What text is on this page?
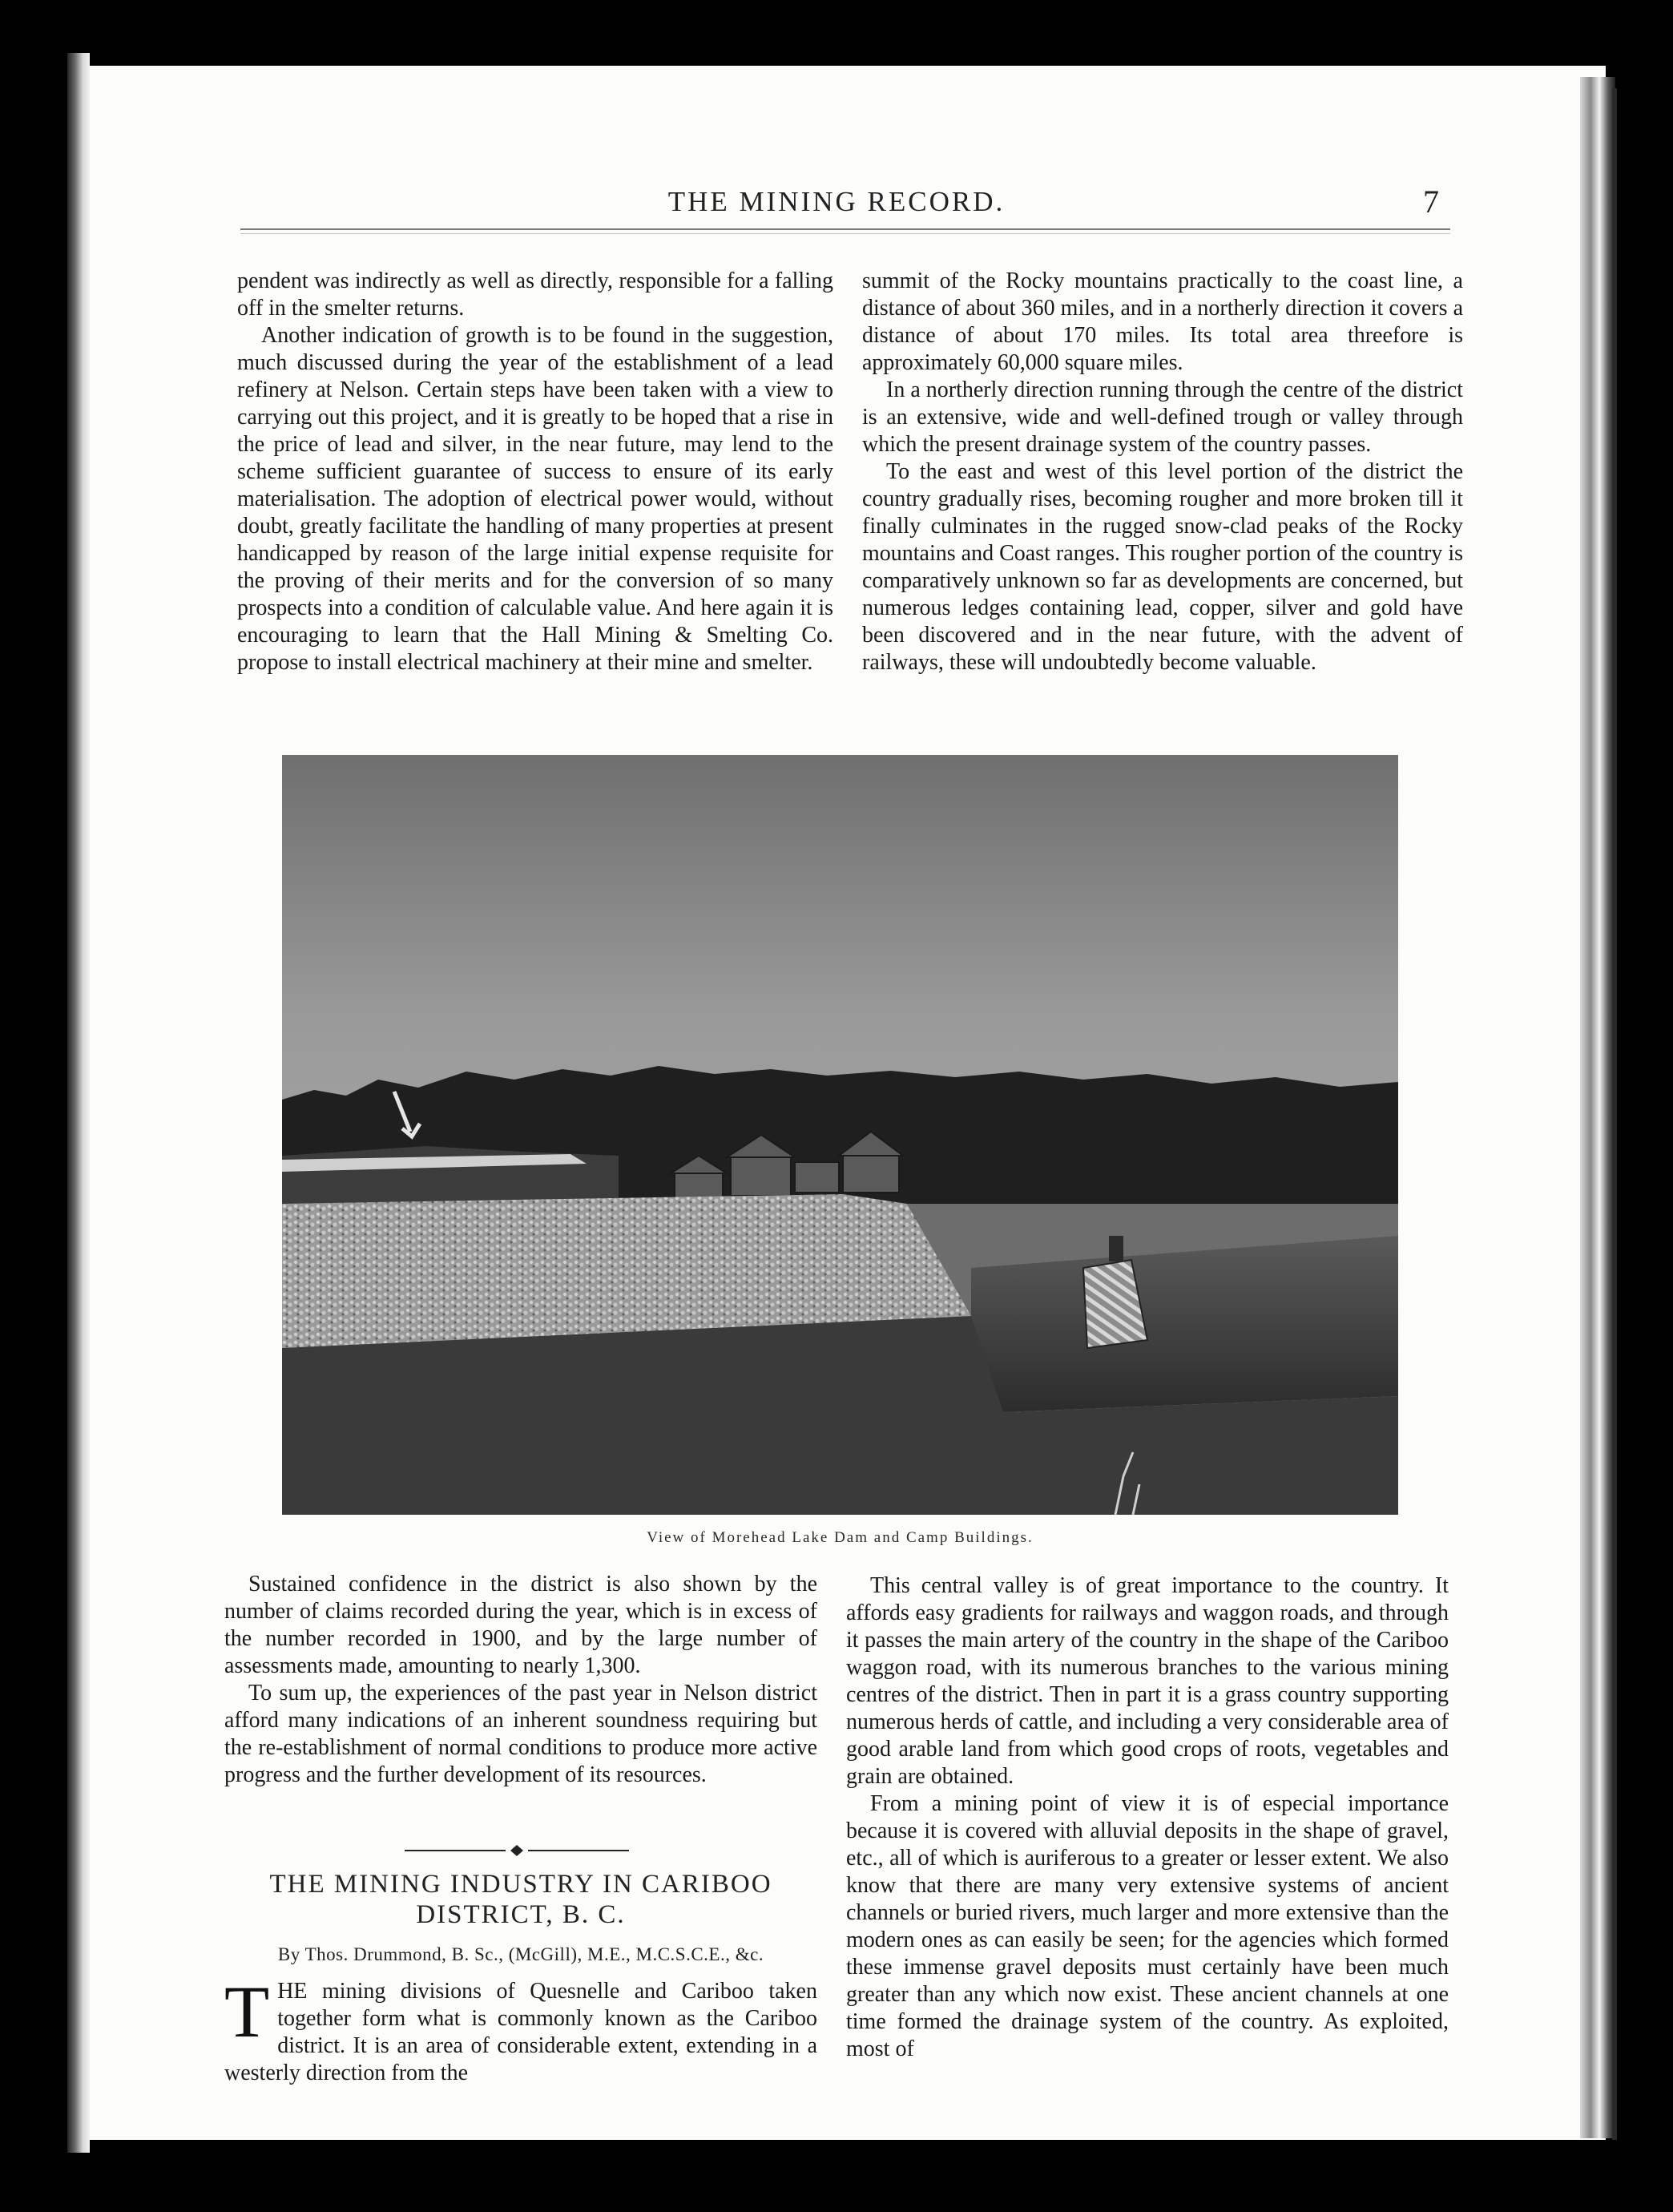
THE MINING RECORD.	7

pendent was indirectly as well as directly, responsible for a falling off in the smelter returns.

Another indication of growth is to be found in the suggestion, much discussed during the year of the establishment of a lead refinery at Nelson. Certain steps have been taken with a view to carrying out this project, and it is greatly to be hoped that a rise in the price of lead and silver, in the near future, may lend to the scheme sufficient guarantee of success to ensure of its early materialisation. The adoption of electrical power would, without doubt, greatly facilitate the handling of many properties at present handicapped by reason of the large initial expense requisite for the proving of their merits and for the conversion of so many prospects into a condition of calculable value. And here again it is encouraging to learn that the Hall Mining & Smelting Co. propose to install electrical machinery at their mine and smelter.

summit of the Rocky mountains practically to the coast line, a distance of about 360 miles, and in a northerly direction it covers a distance of about 170 miles. Its total area threefore is approximately 60,000 square miles.

In a northerly direction running through the centre of the district is an extensive, wide and well-defined trough or valley through which the present drainage system of the country passes.

To the east and west of this level portion of the district the country gradually rises, becoming rougher and more broken till it finally culminates in the rugged snow-clad peaks of the Rocky mountains and Coast ranges. This rougher portion of the country is comparatively unknown so far as developments are concerned, but numerous ledges containing lead, copper, silver and gold have been discovered and in the near future, with the advent of railways, these will undoubtedly become valuable.

View of Morehead Lake Dam and Camp Buildings.

Sustained confidence in the district is also shown by the number of claims recorded during the year, which is in excess of the number recorded in 1900, and by the large number of assessments made, amounting to nearly 1,300.

To sum up, the experiences of the past year in Nelson district afford many indications of an inherent soundness requiring but the re-establishment of normal conditions to produce more active progress and the further development of its resources.

THE MINING INDUSTRY IN CARIBOO DISTRICT, B. C.
By Thos. Drummond, B. Sc., (McGill), M.E., M.C.S.C.E., &c.
T HE mining divisions of Quesnelle and Cariboo taken together form what is commonly known as the Cariboo district. It is an area of considerable extent, extending in a westerly direction from the

This central valley is of great importance to the country. It affords easy gradients for railways and waggon roads, and through it passes the main artery of the country in the shape of the Cariboo waggon road, with its numerous branches to the various mining centres of the district. Then in part it is a grass country supporting numerous herds of cattle, and including a very considerable area of good arable land from which good crops of roots, vegetables and grain are obtained.

From a mining point of view it is of especial importance because it is covered with alluvial deposits in the shape of gravel, etc., all of which is auriferous to a greater or lesser extent. We also know that there are many very extensive systems of ancient channels or buried rivers, much larger and more extensive than the modern ones as can easily be seen; for the agencies which formed these immense gravel deposits must certainly have been much greater than any which now exist. These ancient channels at one time formed the drainage system of the country. As exploited, most of
